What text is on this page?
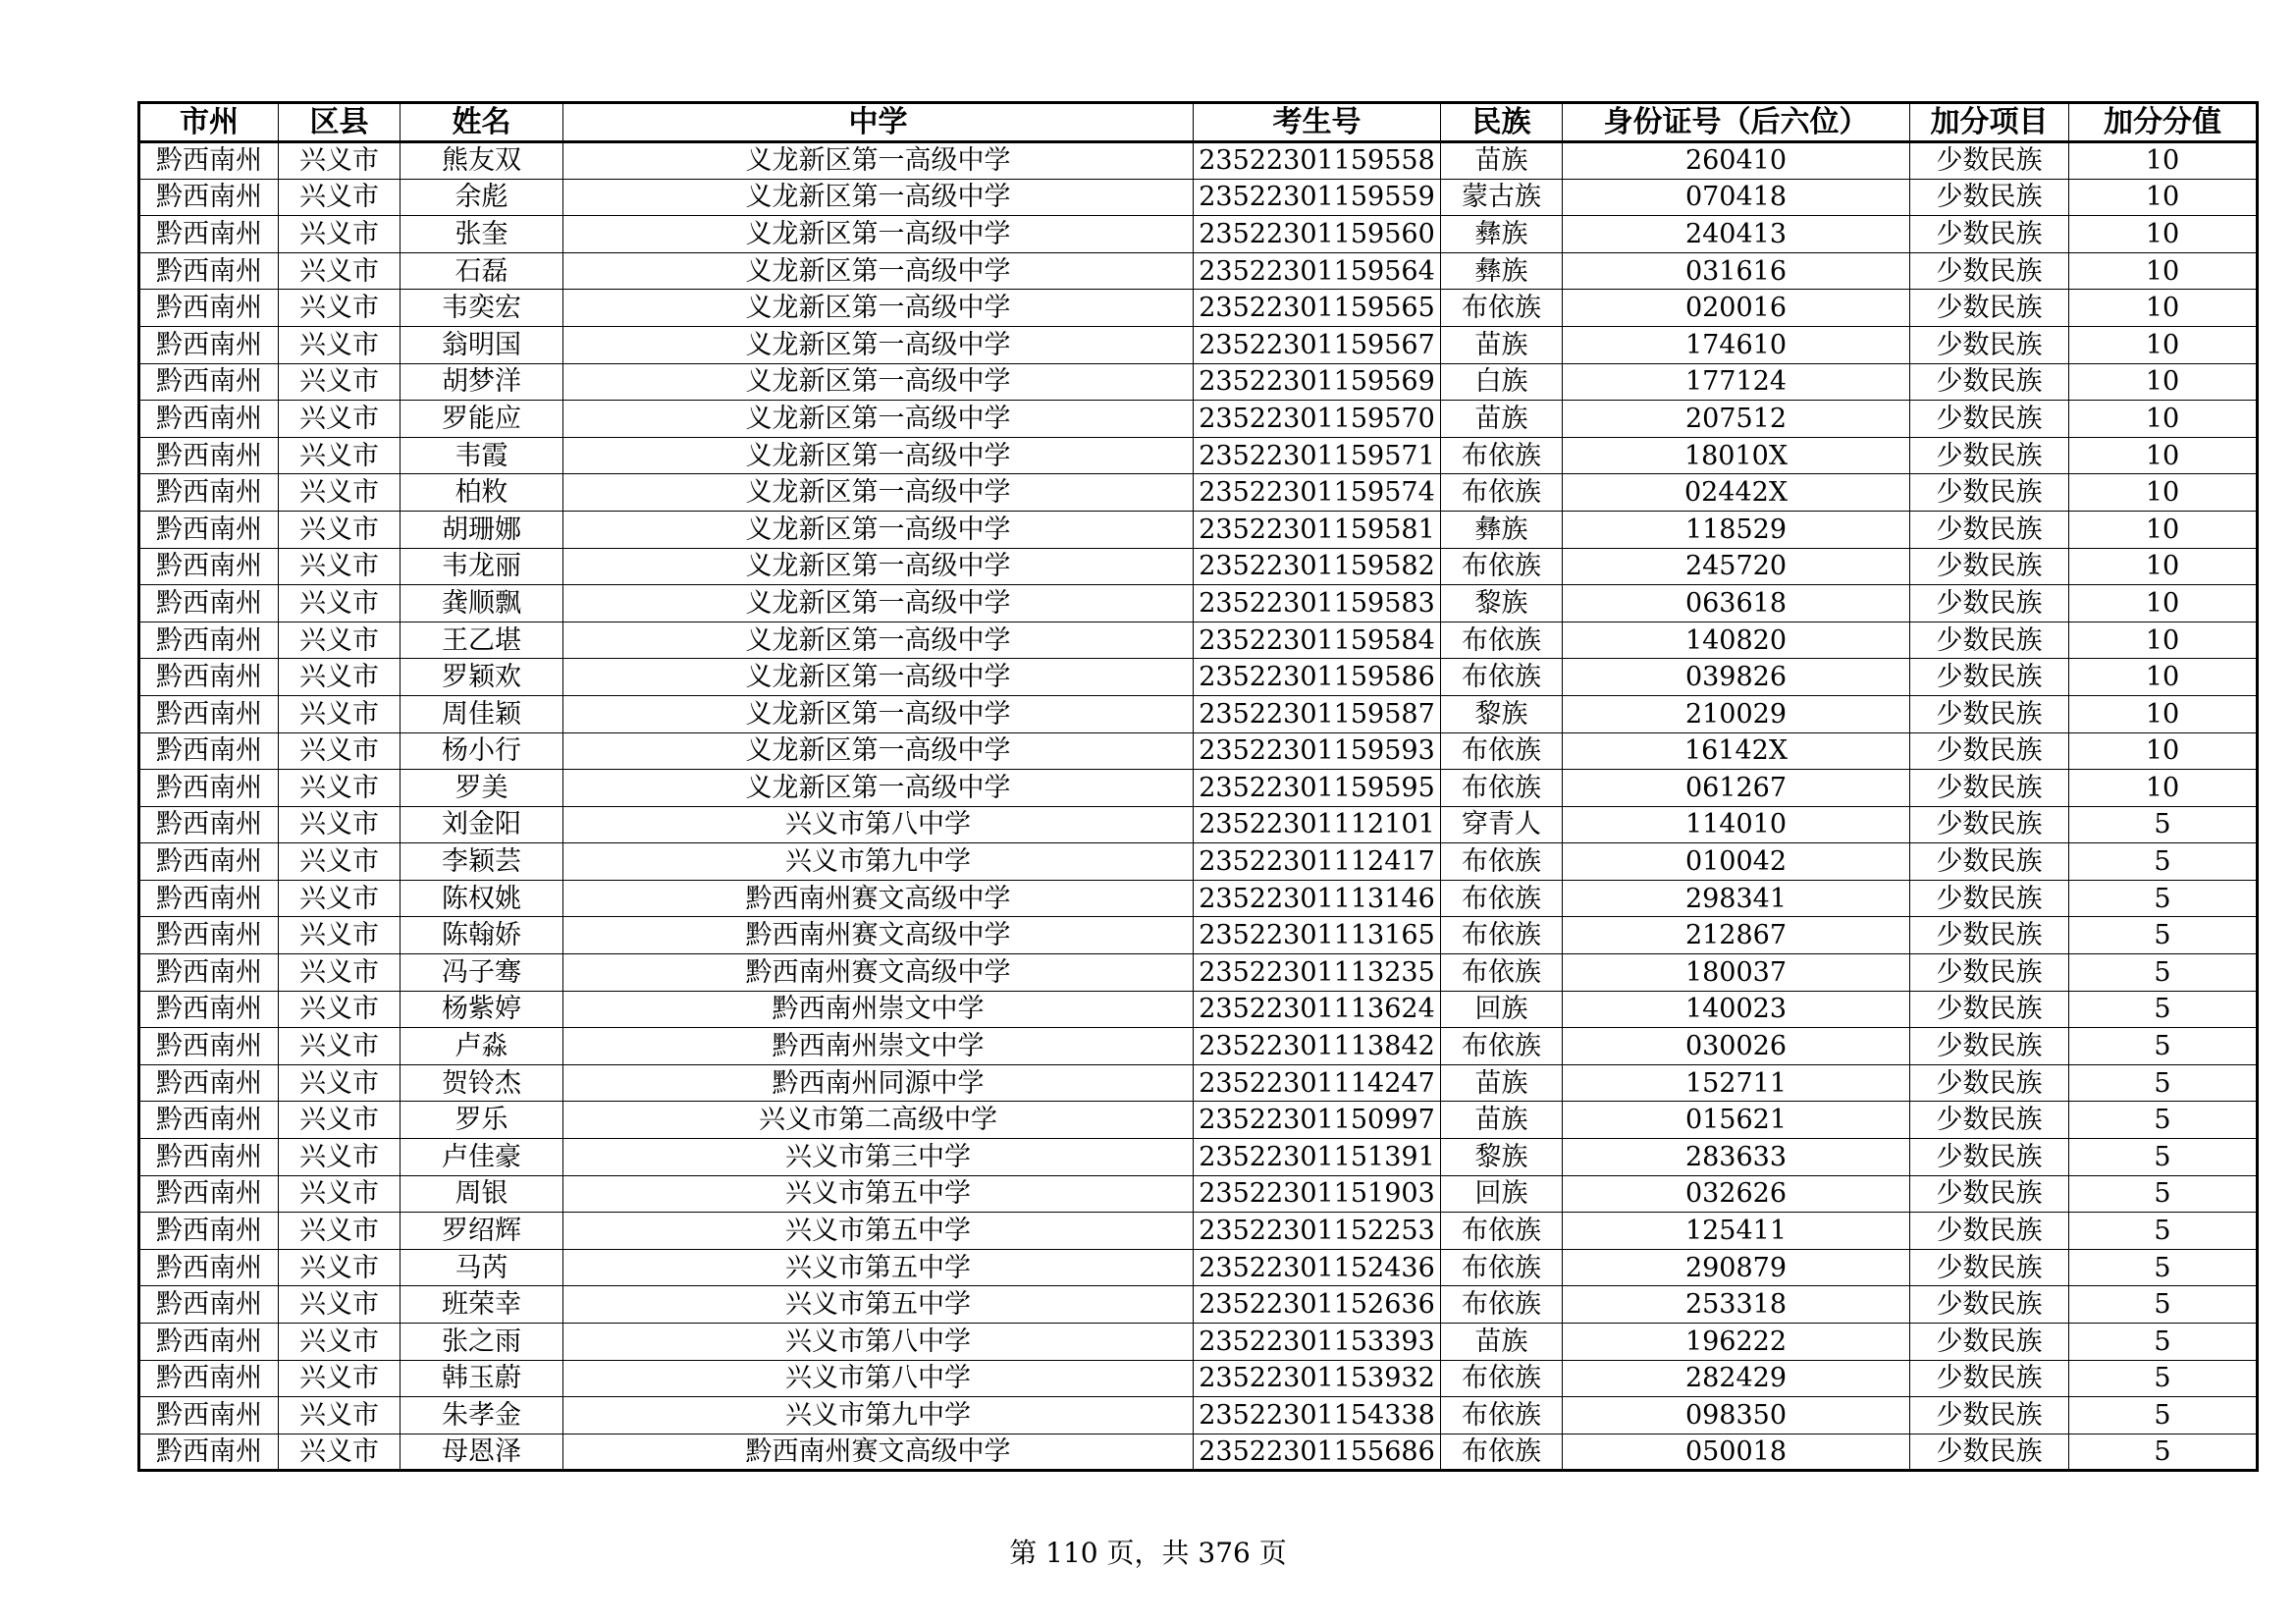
市州	区县	姓名	中学	考生号	民族	身份证号（后六位）	加分项目	加分分值
黔西南州	兴义市	熊友双	义龙新区第一高级中学	23522301159558	苗族	260410	少数民族	10
黔西南州	兴义市	余彪	义龙新区第一高级中学	23522301159559	蒙古族	070418	少数民族	10
黔西南州	兴义市	张奎	义龙新区第一高级中学	23522301159560	彝族	240413	少数民族	10
黔西南州	兴义市	石磊	义龙新区第一高级中学	23522301159564	彝族	031616	少数民族	10
黔西南州	兴义市	韦奕宏	义龙新区第一高级中学	23522301159565	布依族	020016	少数民族	10
黔西南州	兴义市	翁明国	义龙新区第一高级中学	23522301159567	苗族	174610	少数民族	10
黔西南州	兴义市	胡梦洋	义龙新区第一高级中学	23522301159569	白族	177124	少数民族	10
黔西南州	兴义市	罗能应	义龙新区第一高级中学	23522301159570	苗族	207512	少数民族	10
黔西南州	兴义市	韦霞	义龙新区第一高级中学	23522301159571	布依族	18010X	少数民族	10
黔西南州	兴义市	柏敉	义龙新区第一高级中学	23522301159574	布依族	02442X	少数民族	10
黔西南州	兴义市	胡珊娜	义龙新区第一高级中学	23522301159581	彝族	118529	少数民族	10
黔西南州	兴义市	韦龙丽	义龙新区第一高级中学	23522301159582	布依族	245720	少数民族	10
黔西南州	兴义市	龚顺飘	义龙新区第一高级中学	23522301159583	黎族	063618	少数民族	10
黔西南州	兴义市	王乙堪	义龙新区第一高级中学	23522301159584	布依族	140820	少数民族	10
黔西南州	兴义市	罗颖欢	义龙新区第一高级中学	23522301159586	布依族	039826	少数民族	10
黔西南州	兴义市	周佳颖	义龙新区第一高级中学	23522301159587	黎族	210029	少数民族	10
黔西南州	兴义市	杨小行	义龙新区第一高级中学	23522301159593	布依族	16142X	少数民族	10
黔西南州	兴义市	罗美	义龙新区第一高级中学	23522301159595	布依族	061267	少数民族	10
黔西南州	兴义市	刘金阳	兴义市第八中学	23522301112101	穿青人	114010	少数民族	5
黔西南州	兴义市	李颖芸	兴义市第九中学	23522301112417	布依族	010042	少数民族	5
黔西南州	兴义市	陈权姚	黔西南州赛文高级中学	23522301113146	布依族	298341	少数民族	5
黔西南州	兴义市	陈翰娇	黔西南州赛文高级中学	23522301113165	布依族	212867	少数民族	5
黔西南州	兴义市	冯子骞	黔西南州赛文高级中学	23522301113235	布依族	180037	少数民族	5
黔西南州	兴义市	杨紫婷	黔西南州崇文中学	23522301113624	回族	140023	少数民族	5
黔西南州	兴义市	卢淼	黔西南州崇文中学	23522301113842	布依族	030026	少数民族	5
黔西南州	兴义市	贺铃杰	黔西南州同源中学	23522301114247	苗族	152711	少数民族	5
黔西南州	兴义市	罗乐	兴义市第二高级中学	23522301150997	苗族	015621	少数民族	5
黔西南州	兴义市	卢佳豪	兴义市第三中学	23522301151391	黎族	283633	少数民族	5
黔西南州	兴义市	周银	兴义市第五中学	23522301151903	回族	032626	少数民族	5
黔西南州	兴义市	罗绍辉	兴义市第五中学	23522301152253	布依族	125411	少数民族	5
黔西南州	兴义市	马芮	兴义市第五中学	23522301152436	布依族	290879	少数民族	5
黔西南州	兴义市	班荣幸	兴义市第五中学	23522301152636	布依族	253318	少数民族	5
黔西南州	兴义市	张之雨	兴义市第八中学	23522301153393	苗族	196222	少数民族	5
黔西南州	兴义市	韩玉蔚	兴义市第八中学	23522301153932	布依族	282429	少数民族	5
黔西南州	兴义市	朱孝金	兴义市第九中学	23522301154338	布依族	098350	少数民族	5
黔西南州	兴义市	母恩泽	黔西南州赛文高级中学	23522301155686	布依族	050018	少数民族	5
第 110 页，共 376 页
